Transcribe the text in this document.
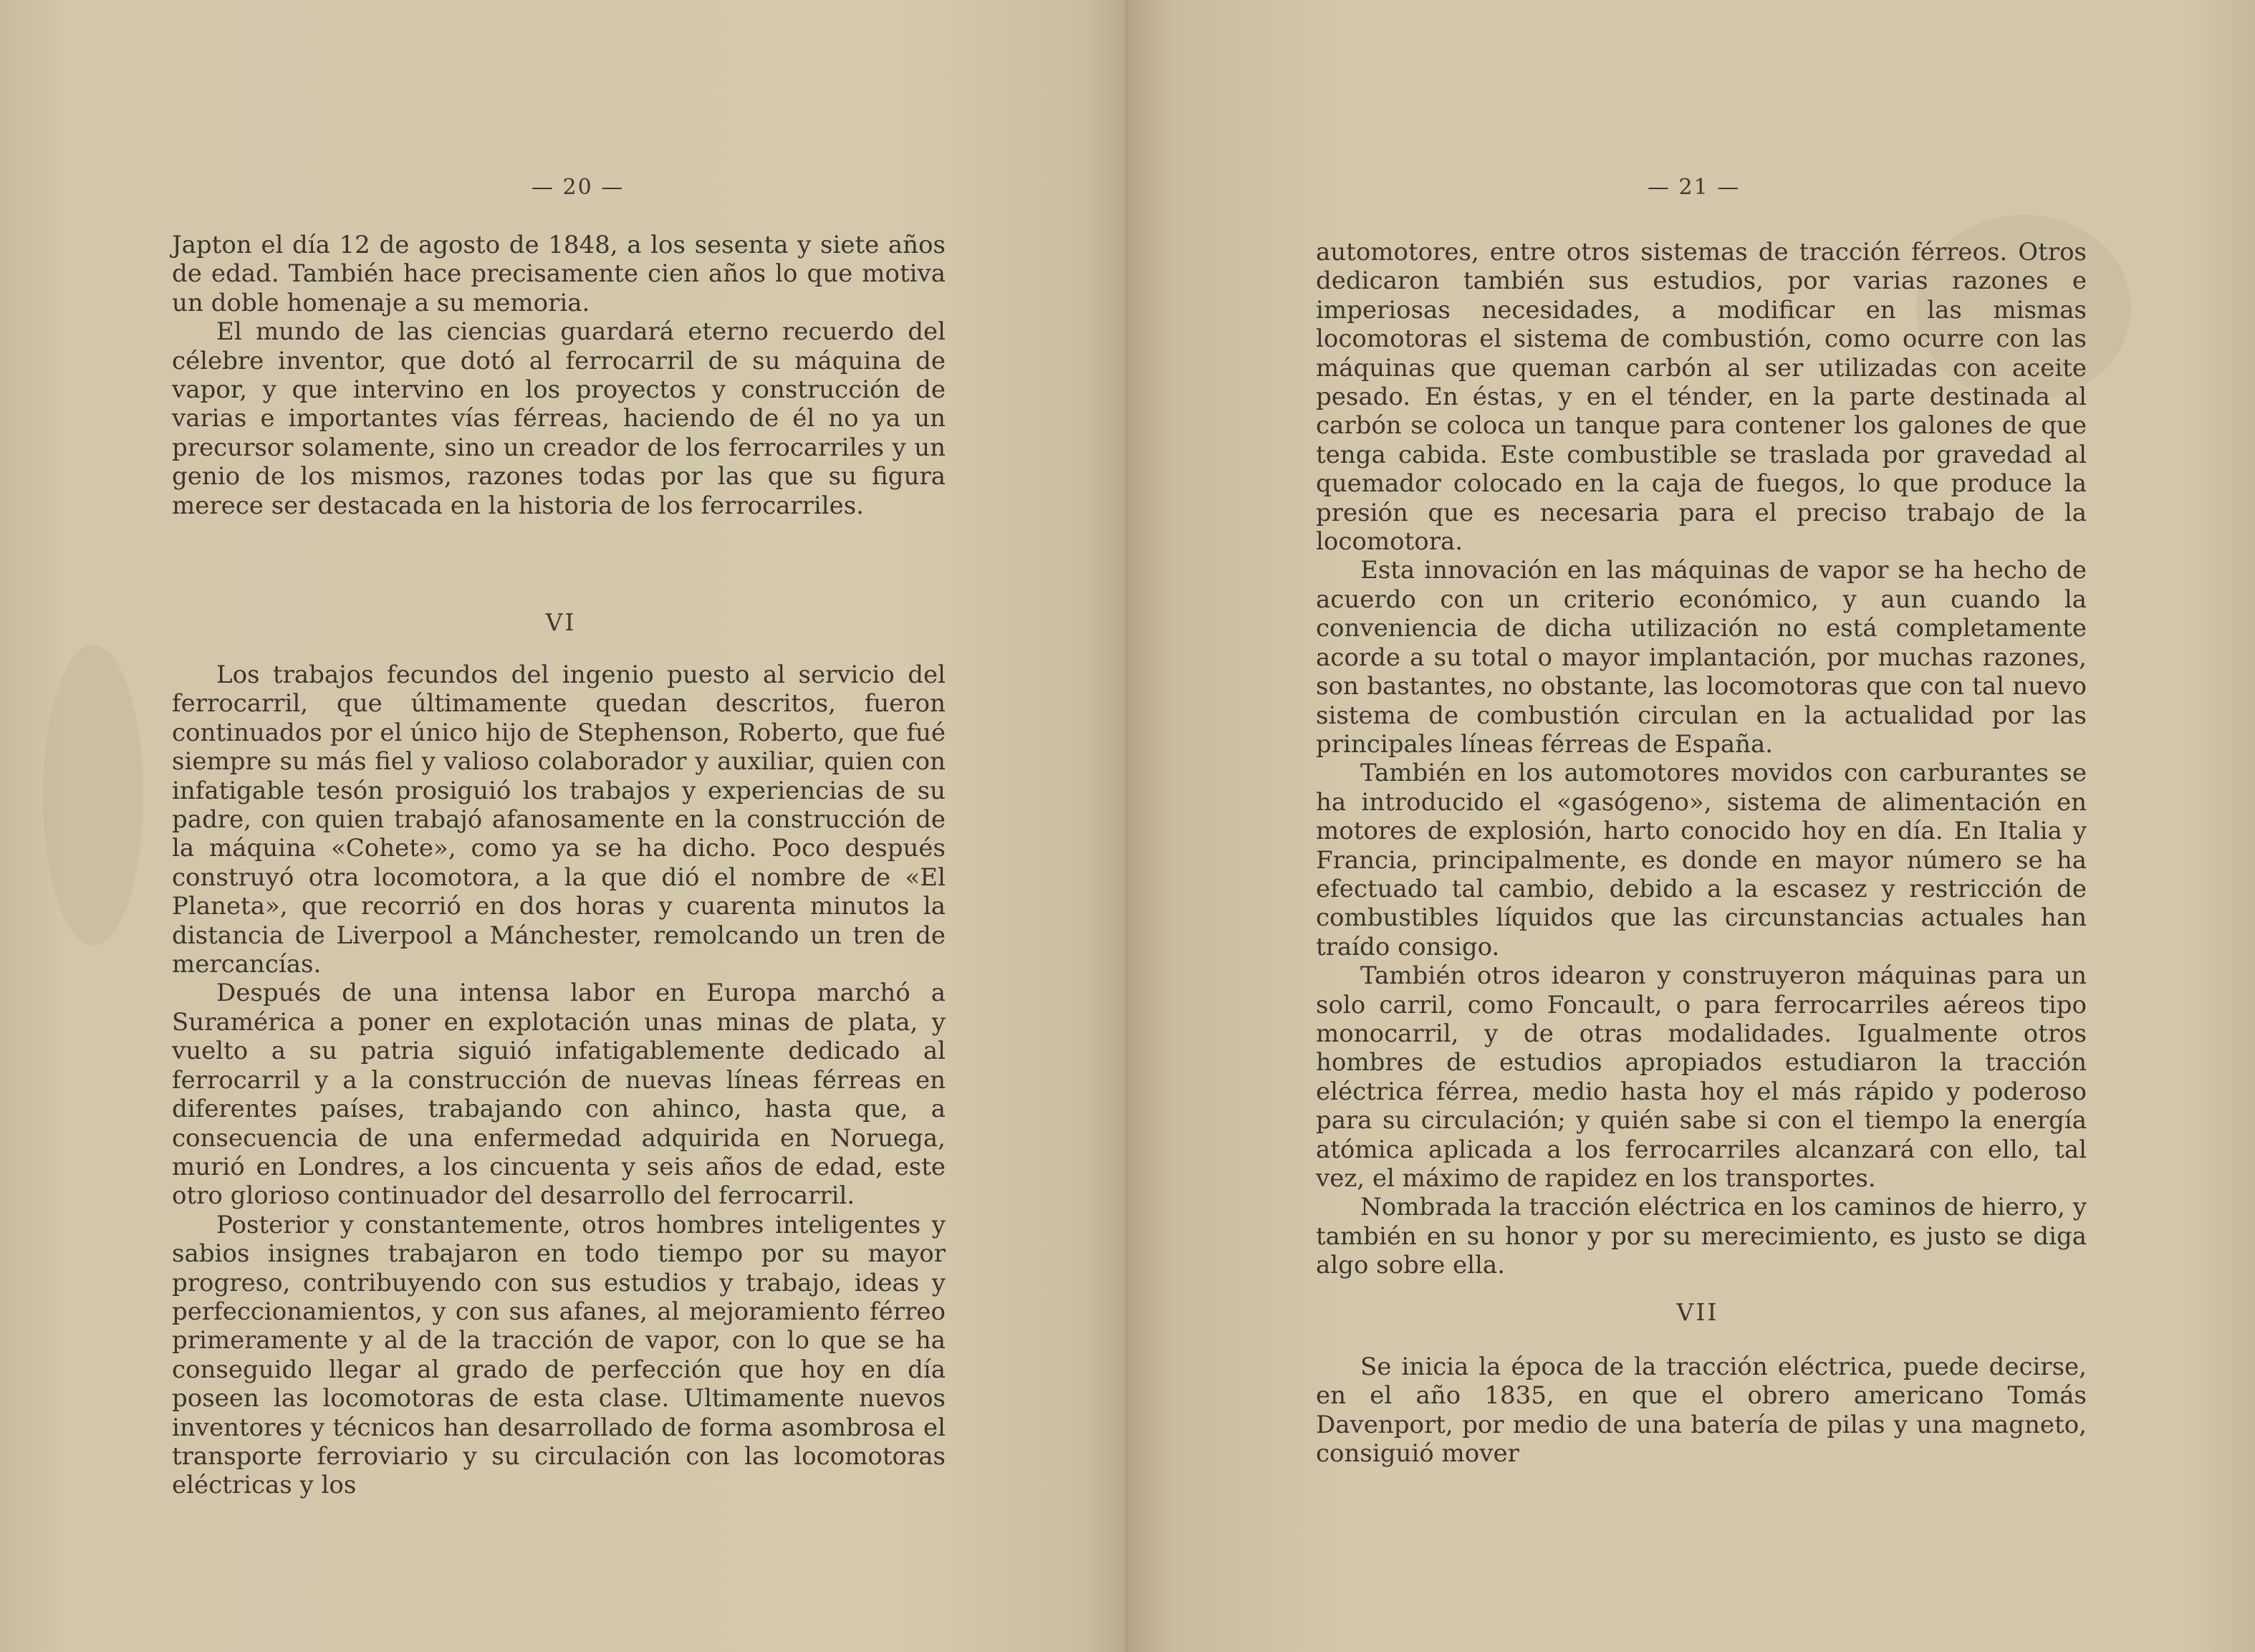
— 20 —

Japton el día 12 de agosto de 1848, a los sesenta y siete años de edad. También hace precisamente cien años lo que motiva un doble homenaje a su memoria.

El mundo de las ciencias guardará eterno recuerdo del célebre inventor, que dotó al ferrocarril de su máquina de vapor, y que intervino en los proyectos y construcción de varias e importantes vías férreas, haciendo de él no ya un precursor solamente, sino un creador de los ferrocarriles y un genio de los mismos, razones todas por las que su figura merece ser destacada en la historia de los ferrocarriles.

VI

Los trabajos fecundos del ingenio puesto al servicio del ferrocarril, que últimamente quedan descritos, fueron continuados por el único hijo de Stephenson, Roberto, que fué siempre su más fiel y valioso colaborador y auxiliar, quien con infatigable tesón prosiguió los trabajos y experiencias de su padre, con quien trabajó afanosamente en la construcción de la máquina «Cohete», como ya se ha dicho. Poco después construyó otra locomotora, a la que dió el nombre de «El Planeta», que recorrió en dos horas y cuarenta minutos la distancia de Liverpool a Mánchester, remolcando un tren de mercancías.

Después de una intensa labor en Europa marchó a Suramérica a poner en explotación unas minas de plata, y vuelto a su patria siguió infatigablemente dedicado al ferrocarril y a la construcción de nuevas líneas férreas en diferentes países, trabajando con ahinco, hasta que, a consecuencia de una enfermedad adquirida en Noruega, murió en Londres, a los cincuenta y seis años de edad, este otro glorioso continuador del desarrollo del ferrocarril.

Posterior y constantemente, otros hombres inteligentes y sabios insignes trabajaron en todo tiempo por su mayor progreso, contribuyendo con sus estudios y trabajo, ideas y perfeccionamientos, y con sus afanes, al mejoramiento férreo primeramente y al de la tracción de vapor, con lo que se ha conseguido llegar al grado de perfección que hoy en día poseen las locomotoras de esta clase. Ultimamente nuevos inventores y técnicos han desarrollado de forma asombrosa el transporte ferroviario y su circulación con las locomotoras eléctricas y los

— 21 —

automotores, entre otros sistemas de tracción férreos. Otros dedicaron también sus estudios, por varias razones e imperiosas necesidades, a modificar en las mismas locomotoras el sistema de combustión, como ocurre con las máquinas que queman carbón al ser utilizadas con aceite pesado. En éstas, y en el ténder, en la parte destinada al carbón se coloca un tanque para contener los galones de que tenga cabida. Este combustible se traslada por gravedad al quemador colocado en la caja de fuegos, lo que produce la presión que es necesaria para el preciso trabajo de la locomotora.

Esta innovación en las máquinas de vapor se ha hecho de acuerdo con un criterio económico, y aun cuando la conveniencia de dicha utilización no está completamente acorde a su total o mayor implantación, por muchas razones, son bastantes, no obstante, las locomotoras que con tal nuevo sistema de combustión circulan en la actualidad por las principales líneas férreas de España.

También en los automotores movidos con carburantes se ha introducido el «gasógeno», sistema de alimentación en motores de explosión, harto conocido hoy en día. En Italia y Francia, principalmente, es donde en mayor número se ha efectuado tal cambio, debido a la escasez y restricción de combustibles líquidos que las circunstancias actuales han traído consigo.

También otros idearon y construyeron máquinas para un solo carril, como Foncault, o para ferrocarriles aéreos tipo monocarril, y de otras modalidades. Igualmente otros hombres de estudios apropiados estudiaron la tracción eléctrica férrea, medio hasta hoy el más rápido y poderoso para su circulación; y quién sabe si con el tiempo la energía atómica aplicada a los ferrocarriles alcanzará con ello, tal vez, el máximo de rapidez en los transportes.

Nombrada la tracción eléctrica en los caminos de hierro, y también en su honor y por su merecimiento, es justo se diga algo sobre ella.

VII

Se inicia la época de la tracción eléctrica, puede decirse, en el año 1835, en que el obrero americano Tomás Davenport, por medio de una batería de pilas y una magneto, consiguió mover
